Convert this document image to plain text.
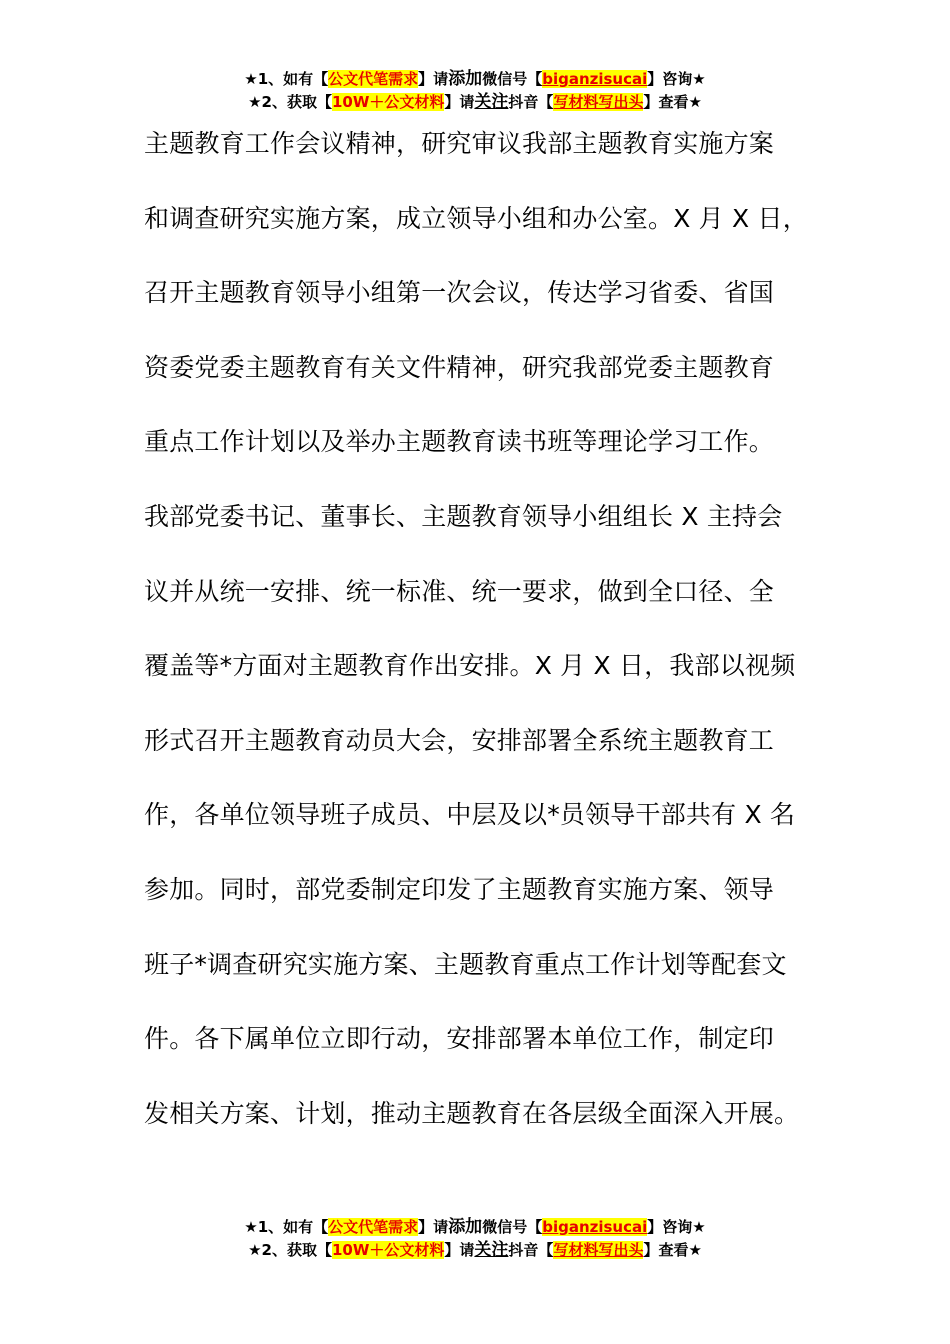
★1、如有【公文代笔需求】请添加微信号【biganzisucai】咨询★
★2、获取【10W＋公文材料】请关注抖音【写材料写出头】查看★
主题教育工作会议精神，研究审议我部主题教育实施方案
和调查研究实施方案，成立领导小组和办公室。X 月 X 日，
召开主题教育领导小组第一次会议，传达学习省委、省国
资委党委主题教育有关文件精神，研究我部党委主题教育
重点工作计划以及举办主题教育读书班等理论学习工作。
我部党委书记、董事长、主题教育领导小组组长 X 主持会
议并从统一安排、统一标准、统一要求，做到全口径、全
覆盖等*方面对主题教育作出安排。X 月 X 日，我部以视频
形式召开主题教育动员大会，安排部署全系统主题教育工
作，各单位领导班子成员、中层及以*员领导干部共有 X 名
参加。同时，部党委制定印发了主题教育实施方案、领导
班子*调查研究实施方案、主题教育重点工作计划等配套文
件。各下属单位立即行动，安排部署本单位工作，制定印
发相关方案、计划，推动主题教育在各层级全面深入开展。
★1、如有【公文代笔需求】请添加微信号【biganzisucai】咨询★
★2、获取【10W＋公文材料】请关注抖音【写材料写出头】查看★
